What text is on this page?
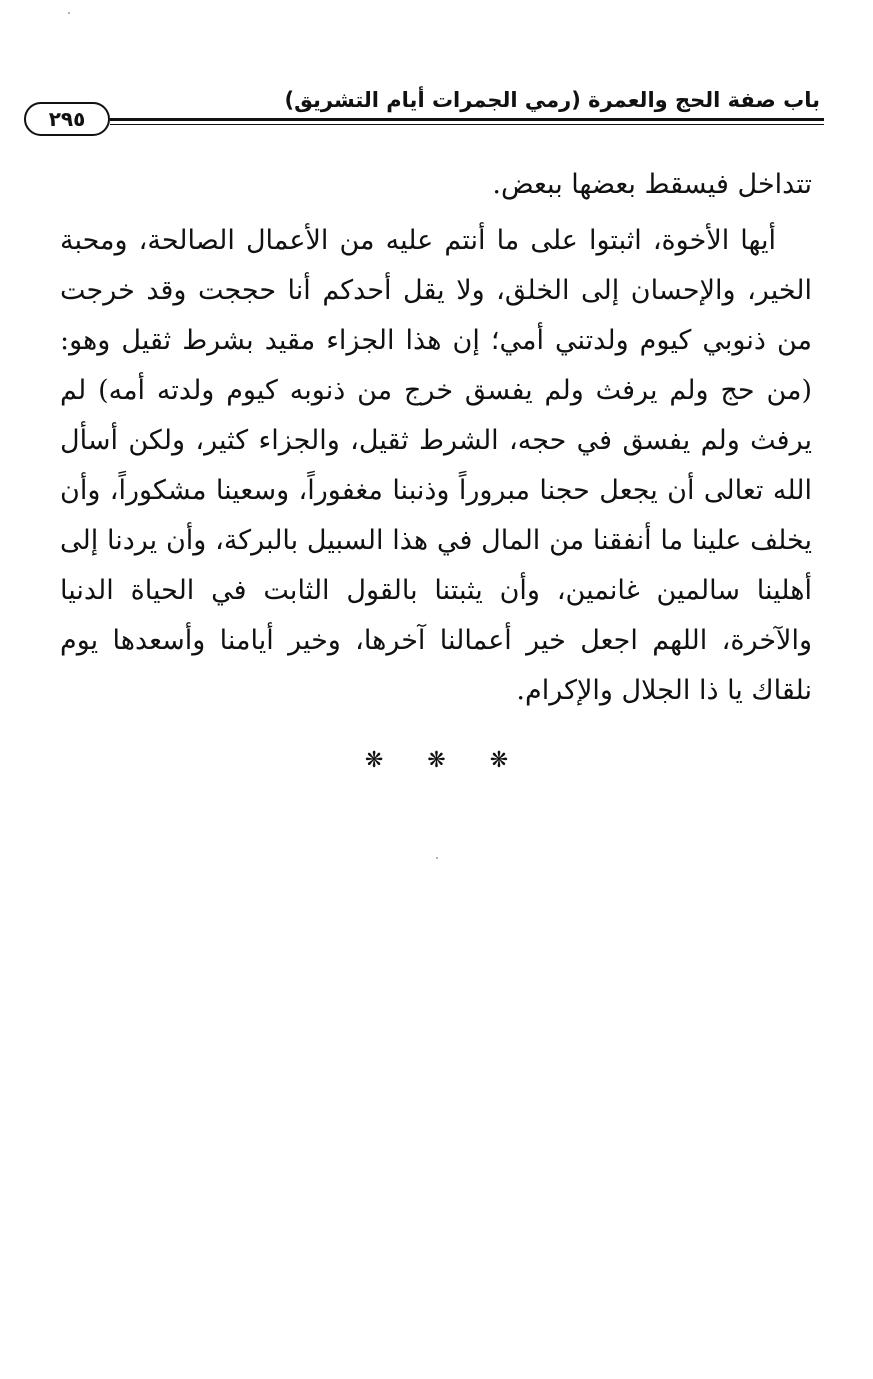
باب صفة الحج والعمرة (رمي الجمرات أيام التشريق)
٢٩٥

تتداخل فيسقط بعضها ببعض.

أيها الأخوة، اثبتوا على ما أنتم عليه من الأعمال الصالحة، ومحبة الخير، والإحسان إلى الخلق، ولا يقل أحدكم أنا حججت وقد خرجت من ذنوبي كيوم ولدتني أمي؛ إن هذا الجزاء مقيد بشرط ثقيل وهو: (من حج ولم يرفث ولم يفسق خرج من ذنوبه كيوم ولدته أمه) لم يرفث ولم يفسق في حجه، الشرط ثقيل، والجزاء كثير، ولكن أسأل الله تعالى أن يجعل حجنا مبروراً وذنبنا مغفوراً، وسعينا مشكوراً، وأن يخلف علينا ما أنفقنا من المال في هذا السبيل بالبركة، وأن يردنا إلى أهلينا سالمين غانمين، وأن يثبتنا بالقول الثابت في الحياة الدنيا والآخرة، اللهم اجعل خير أعمالنا آخرها، وخير أيامنا وأسعدها يوم نلقاك يا ذا الجلال والإكرام.

❋ ❋ ❋
